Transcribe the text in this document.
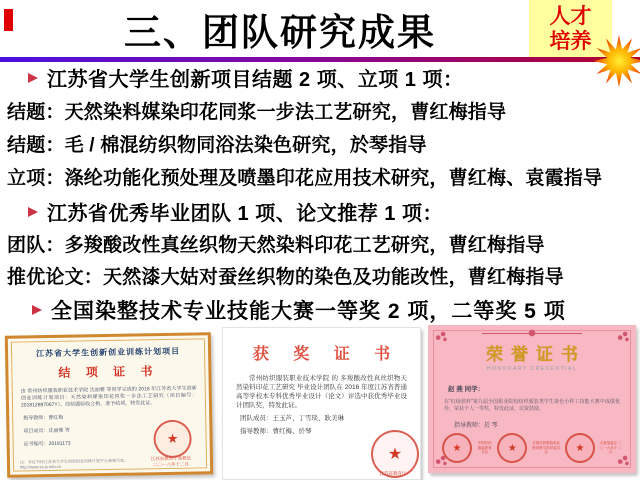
三、团队研究成果	人才
培养
江苏省大学生创新项目结题 2 项、立项 1 项：
结题：天然染料媒染印花同浆一步法工艺研究，曹红梅指导
结题：毛 / 棉混纺织物同浴法染色研究，於琴指导
立项：涤纶功能化预处理及喷墨印花应用技术研究，曹红梅、袁霞指导
江苏省优秀毕业团队 1 项、论文推荐 1 项：
团队：多羧酸改性真丝织物天然染料印花工艺研究，曹红梅指导
推优论文：天然漆大姑对蚕丝织物的染色及功能改性，曹红梅指导
全国染整技术专业技能大赛一等奖 2 项，二等奖 5 项
江苏省大学生创新创业训练计划项目
结 项 证 书
由 常州纺织服装职业技术学院 沈丽雅 等同学完成的 2018 年江苏省大学生创新创业训练计划项目：天然染料媒染印花同浆一步法工艺研究（项目编号：201812897067Y），经结题验收合格，准予结项，特发此证。
指导教师：曹红梅
项目成员：沈丽雅 等
证书编号：20181173	★
江苏省教育厅高教处
二〇一八年十二月
注：本证书经江苏省大学生创新创业训练计划平台备案可查。
http://www.ec.js.edu.cn
获 奖 证 书
常州纺织服装职业技术学院 的 多羧酸改性真丝织物天然染料印花工艺研究 毕业设计团队在 2016 年度江苏省普通高等学校本专科优秀毕业设计（论文）评选中获优秀毕业设计团队奖，特发此证。
团队成员：王玉芦、丁雪琰、耿美琳
指导教师：曹红梅、於琴
★
江苏省教育厅
荣誉证书
HONORARY CREDENTIAL
赵 燕 同学：
在“红绿蓝杯”第九届全国职业院校纺织服装类学生染色小样工技能大赛中成绩优异，荣获个人一等奖，特发此证，以资鼓励。
指导教师：於 琴
★	中国纺织服装教育学会	★	全国纺织服装职业教育教学指导委员会	★	大赛组委会 二〇一六年十二月
